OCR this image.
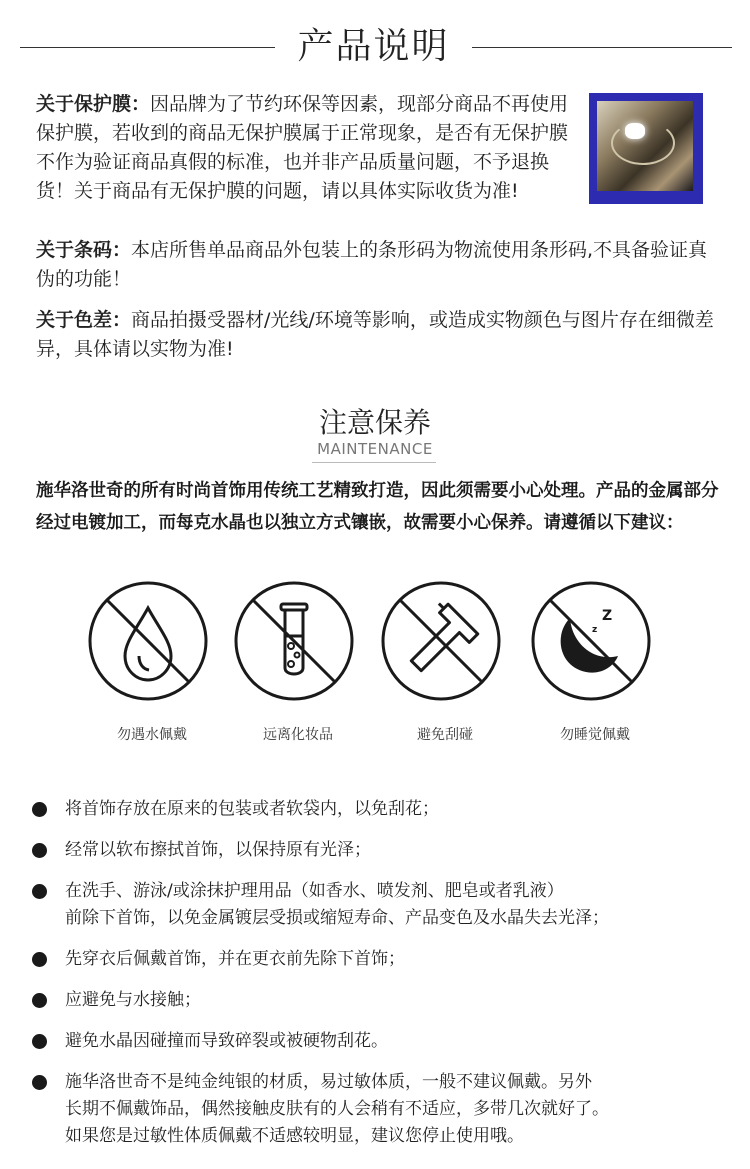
产品说明
关于保护膜：因品牌为了节约环保等因素，现部分商品不再使用保护膜，若收到的商品无保护膜属于正常现象，是否有无保护膜不作为验证商品真假的标准，也并非产品质量问题，不予退换货！关于商品有无保护膜的问题，请以具体实际收货为准!
关于条码：本店所售单品商品外包装上的条形码为物流使用条形码,不具备验证真伪的功能！
关于色差：商品拍摄受器材/光线/环境等影响，或造成实物颜色与图片存在细微差异，具体请以实物为准!
注意保养
MAINTENANCE
施华洛世奇的所有时尚首饰用传统工艺精致打造，因此须需要小心处理。产品的金属部分经过电镀加工，而每克水晶也以独立方式镶嵌，故需要小心保养。请遵循以下建议：
勿遇水佩戴	远离化妆品	避免刮碰
Z
z
勿睡觉佩戴
将首饰存放在原来的包装或者软袋内，以免刮花；
经常以软布擦拭首饰，以保持原有光泽；
在洗手、游泳/或涂抹护理用品（如香水、喷发剂、肥皂或者乳液）
前除下首饰，以免金属镀层受损或缩短寿命、产品变色及水晶失去光泽；
先穿衣后佩戴首饰，并在更衣前先除下首饰；
应避免与水接触；
避免水晶因碰撞而导致碎裂或被硬物刮花。
施华洛世奇不是纯金纯银的材质，易过敏体质，一般不建议佩戴。另外
长期不佩戴饰品，偶然接触皮肤有的人会稍有不适应，多带几次就好了。
如果您是过敏性体质佩戴不适感较明显，建议您停止使用哦。
